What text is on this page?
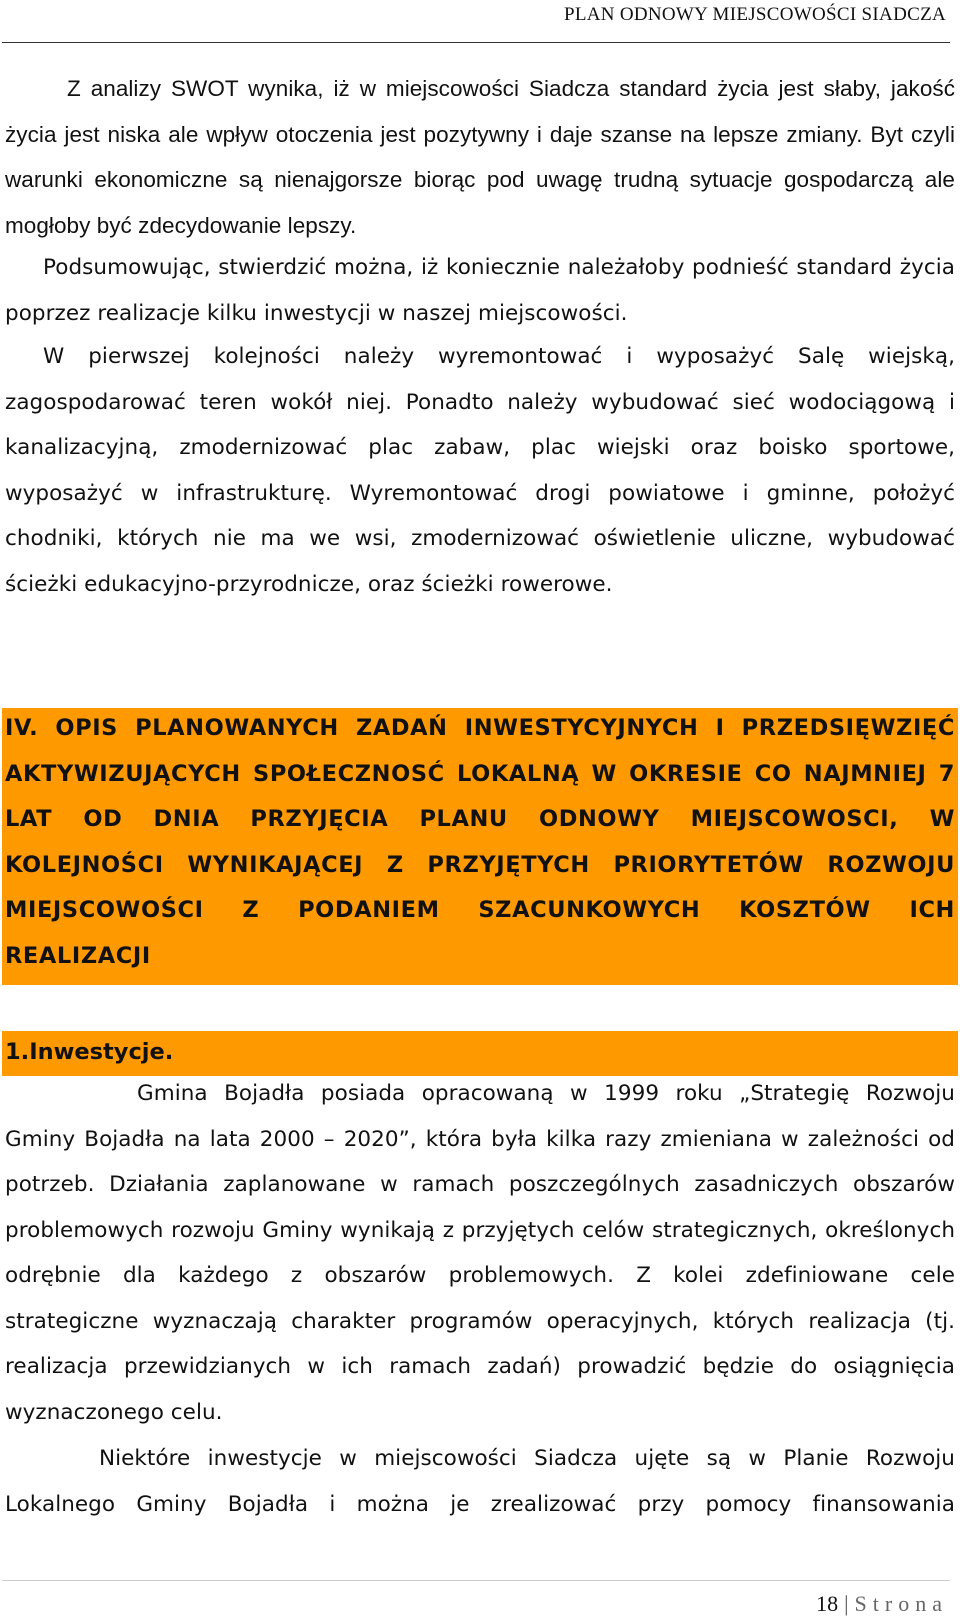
PLAN ODNOWY MIEJSCOWOŚCI SIADCZA

Z analizy SWOT wynika, iż w miejscowości Siadcza standard życia jest słaby, jakość życia jest niska ale wpływ otoczenia jest pozytywny i daje szanse na lepsze zmiany. Byt czyli warunki ekonomiczne są nienajgorsze biorąc pod uwagę trudną sytuacje gospodarczą ale mogłoby być zdecydowanie lepszy.

Podsumowując, stwierdzić można, iż koniecznie należałoby podnieść standard życia poprzez realizacje kilku inwestycji w naszej miejscowości.

W pierwszej kolejności należy wyremontować i wyposażyć Salę wiejską, zagospodarować teren wokół niej. Ponadto należy wybudować sieć wodociągową i kanalizacyjną, zmodernizować plac zabaw, plac wiejski oraz boisko sportowe, wyposażyć w infrastrukturę. Wyremontować drogi powiatowe i gminne, położyć chodniki, których nie ma we wsi, zmodernizować oświetlenie uliczne, wybudować ścieżki edukacyjno-przyrodnicze, oraz ścieżki rowerowe.

IV. OPIS PLANOWANYCH ZADAŃ INWESTYCYJNYCH I PRZEDSIĘWZIĘĆ AKTYWIZUJĄCYCH SPOŁECZNOSĆ LOKALNĄ W OKRESIE CO NAJMNIEJ 7 LAT OD DNIA PRZYJĘCIA PLANU ODNOWY MIEJSCOWOSCI, W KOLEJNOŚCI WYNIKAJĄCEJ Z PRZYJĘTYCH PRIORYTETÓW ROZWOJU MIEJSCOWOŚCI Z PODANIEM SZACUNKOWYCH KOSZTÓW ICH REALIZACJI
1.Inwestycje.

Gmina Bojadła posiada opracowaną w 1999 roku „Strategię Rozwoju Gminy Bojadła na lata 2000 – 2020”, która była kilka razy zmieniana w zależności od potrzeb. Działania zaplanowane w ramach poszczególnych zasadniczych obszarów problemowych rozwoju Gminy wynikają z przyjętych celów strategicznych, określonych odrębnie dla każdego z obszarów problemowych. Z kolei zdefiniowane cele strategiczne wyznaczają charakter programów operacyjnych, których realizacja (tj. realizacja przewidzianych w ich ramach zadań) prowadzić będzie do osiągnięcia wyznaczonego celu.

Niektóre inwestycje w miejscowości Siadcza ujęte są w Planie Rozwoju Lokalnego Gminy Bojadła i można je zrealizować przy pomocy finansowania

18 | Strona
